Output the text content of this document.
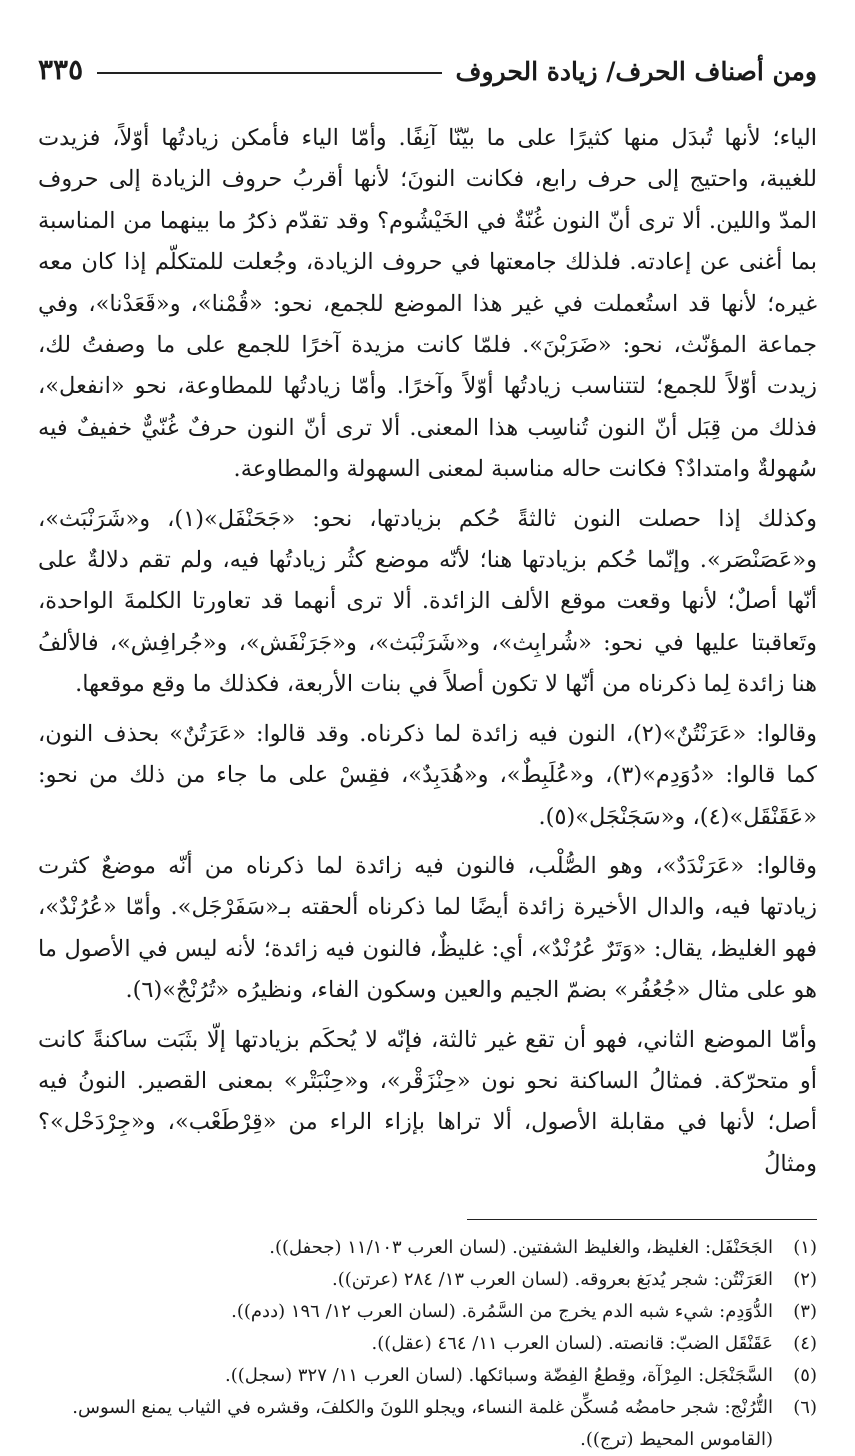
ومن أصناف الحرف/ زيادة الحروف
٣٣٥

الياء؛ لأنها تُبدَل منها كثيرًا على ما بيّنّا آنِفًا. وأمّا الياء فأمكن زيادتُها أوّلاً، فزيدت للغيبة، واحتيج إلى حرف رابع، فكانت النونَ؛ لأنها أقربُ حروف الزيادة إلى حروف المدّ واللين. ألا ترى أنّ النون غُنّةٌ في الخَيْشُوم؟ وقد تقدّم ذكرُ ما بينهما من المناسبة بما أغنى عن إعادته. فلذلك جامعتها في حروف الزيادة، وجُعلت للمتكلّم إذا كان معه غيره؛ لأنها قد استُعملت في غير هذا الموضع للجمع، نحو: «قُمْنا»، و«قَعَدْنا»، وفي جماعة المؤنّث، نحو: «ضَرَبْنَ». فلمّا كانت مزيدة آخرًا للجمع على ما وصفتُ لك، زيدت أوّلاً للجمع؛ لتتناسب زيادتُها أوّلاً وآخرًا. وأمّا زيادتُها للمطاوعة، نحو «انفعل»، فذلك من قِبَل أنّ النون تُناسِب هذا المعنى. ألا ترى أنّ النون حرفٌ غُنّيٌّ خفيفٌ فيه سُهولةٌ وامتدادٌ؟ فكانت حاله مناسبة لمعنى السهولة والمطاوعة.

وكذلك إذا حصلت النون ثالثةً حُكم بزيادتها، نحو: «جَحَنْفَل»(١)، و«شَرَنْبَث»، و«عَصَنْصَر». وإنّما حُكم بزيادتها هنا؛ لأنّه موضع كثُر زيادتُها فيه، ولم تقم دلالةٌ على أنّها أصلٌ؛ لأنها وقعت موقع الألف الزائدة. ألا ترى أنهما قد تعاورتا الكلمةَ الواحدة، وتَعاقبتا عليها في نحو: «شُرابِث»، و«شَرَنْبَث»، و«جَرَنْفَش»، و«جُرافِش»، فالألفُ هنا زائدة لِما ذكرناه من أنّها لا تكون أصلاً في بنات الأربعة، فكذلك ما وقع موقعها.

وقالوا: «عَرَنْتُنٌ»(٢)، النون فيه زائدة لما ذكرناه. وقد قالوا: «عَرَتُنٌ» بحذف النون، كما قالوا: «دُوَدِم»(٣)، و«عُلَبِطٌ»، و«هُدَبِدٌ»، فقِسْ على ما جاء من ذلك من نحو: «عَقَنْقَل»(٤)، و«سَجَنْجَل»(٥).

وقالوا: «عَرَنْدَدٌ»، وهو الصُّلْب، فالنون فيه زائدة لما ذكرناه من أنّه موضعٌ كثرت زيادتها فيه، والدال الأخيرة زائدة أيضًا لما ذكرناه ألحقته بـ«سَفَرْجَل». وأمّا «عُرُنْدٌ»، فهو الغليظ، يقال: «وَتَرٌ عُرُنْدٌ»، أي: غليظٌ، فالنون فيه زائدة؛ لأنه ليس في الأصول ما هو على مثال «جُعُفُر» بضمّ الجيم والعين وسكون الفاء، ونظيرُه «تُرُنْجٌ»(٦).

وأمّا الموضع الثاني، فهو أن تقع غير ثالثة، فإنّه لا يُحكَم بزيادتها إلّا بثَبَت ساكنةً كانت أو متحرّكة. فمثالُ الساكنة نحو نون «حِنْزَقْر»، و«حِنْبَتْر» بمعنى القصير. النونُ فيه أصل؛ لأنها في مقابلة الأصول، ألا تراها بإزاء الراء من «قِرْطَعْب»، و«جِرْدَحْل»؟ ومثالُ

(١)
الجَحَنْفَل: الغليظ، والغليظ الشفتين. (لسان العرب ١١/١٠٣ (جحفل)).
(٢)
العَرَنْتُن: شجر يُدبَغ بعروقه. (لسان العرب ١٣/ ٢٨٤ (عرتن)).
(٣)
الدُّوَدِم: شيء شبه الدم يخرج من السَّمُرة. (لسان العرب ١٢/ ١٩٦ (ددم)).
(٤)
عَقَنْقَل الضبّ: قانصته. (لسان العرب ١١/ ٤٦٤ (عقل)).
(٥)
السَّجَنْجَل: المِرْآة، وقِطعُ الفِضّة وسبائكها. (لسان العرب ١١/ ٣٢٧ (سجل)).
(٦)
التُّرُنْج: شجر حامضُه مُسكِّن غلمة النساء، ويجلو اللونَ والكلفَ، وقشره في الثياب يمنع السوس. (القاموس المحيط (ترج)).
